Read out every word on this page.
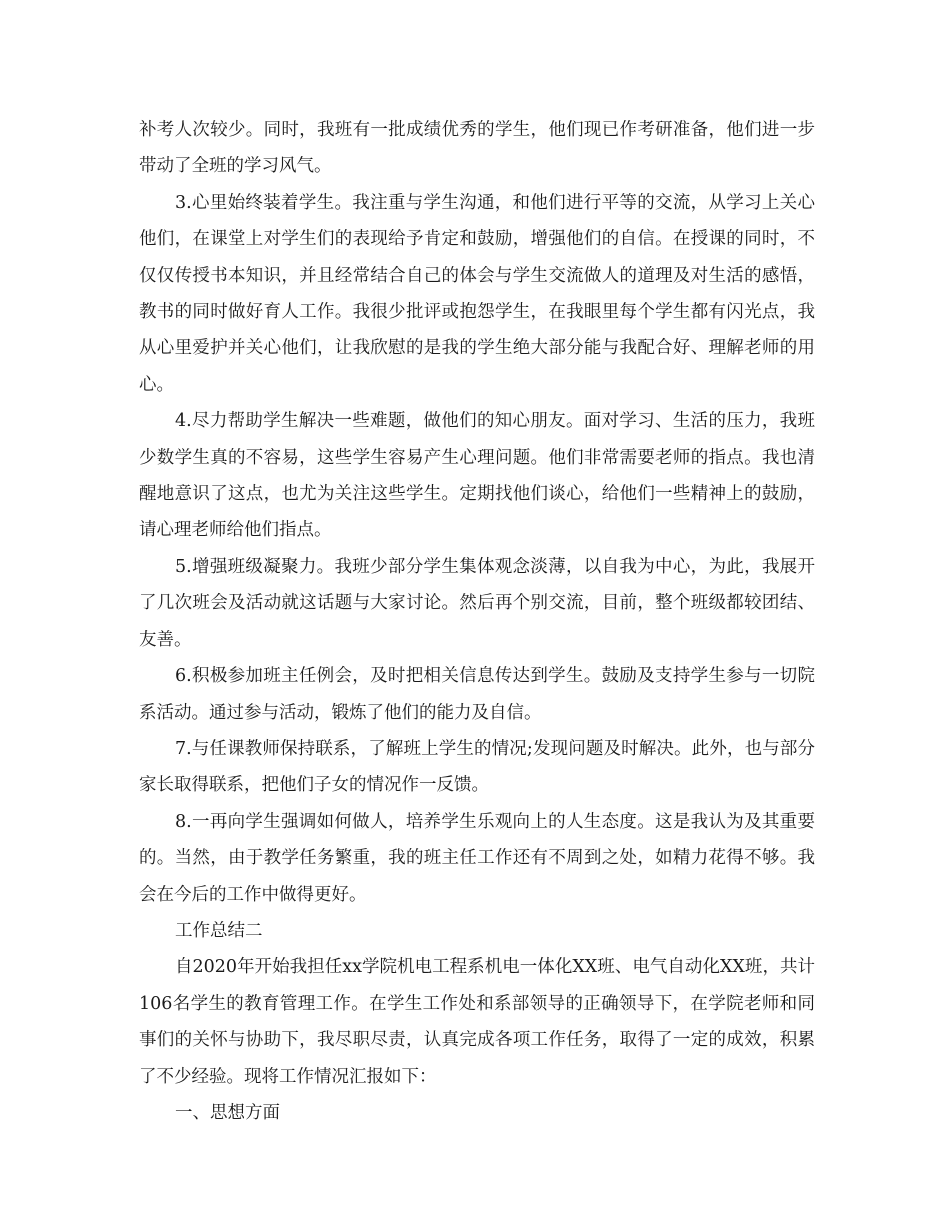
补考人次较少。同时，我班有一批成绩优秀的学生，他们现已作考研准备，他们进一步带动了全班的学习风气。

3.心里始终装着学生。我注重与学生沟通，和他们进行平等的交流，从学习上关心他们，在课堂上对学生们的表现给予肯定和鼓励，增强他们的自信。在授课的同时，不仅仅传授书本知识，并且经常结合自己的体会与学生交流做人的道理及对生活的感悟，教书的同时做好育人工作。我很少批评或抱怨学生，在我眼里每个学生都有闪光点，我从心里爱护并关心他们，让我欣慰的是我的学生绝大部分能与我配合好、理解老师的用心。

4.尽力帮助学生解决一些难题，做他们的知心朋友。面对学习、生活的压力，我班少数学生真的不容易，这些学生容易产生心理问题。他们非常需要老师的指点。我也清醒地意识了这点，也尤为关注这些学生。定期找他们谈心，给他们一些精神上的鼓励，请心理老师给他们指点。

5.增强班级凝聚力。我班少部分学生集体观念淡薄，以自我为中心，为此，我展开了几次班会及活动就这话题与大家讨论。然后再个别交流，目前，整个班级都较团结、友善。

6.积极参加班主任例会，及时把相关信息传达到学生。鼓励及支持学生参与一切院系活动。通过参与活动，锻炼了他们的能力及自信。

7.与任课教师保持联系，了解班上学生的情况;发现问题及时解决。此外，也与部分家长取得联系，把他们子女的情况作一反馈。

8.一再向学生强调如何做人，培养学生乐观向上的人生态度。这是我认为及其重要的。当然，由于教学任务繁重，我的班主任工作还有不周到之处，如精力花得不够。我会在今后的工作中做得更好。

工作总结二

自2020年开始我担任xx学院机电工程系机电一体化XX班、电气自动化XX班，共计106名学生的教育管理工作。在学生工作处和系部领导的正确领导下，在学院老师和同事们的关怀与协助下，我尽职尽责，认真完成各项工作任务，取得了一定的成效，积累了不少经验。现将工作情况汇报如下：

一、思想方面
